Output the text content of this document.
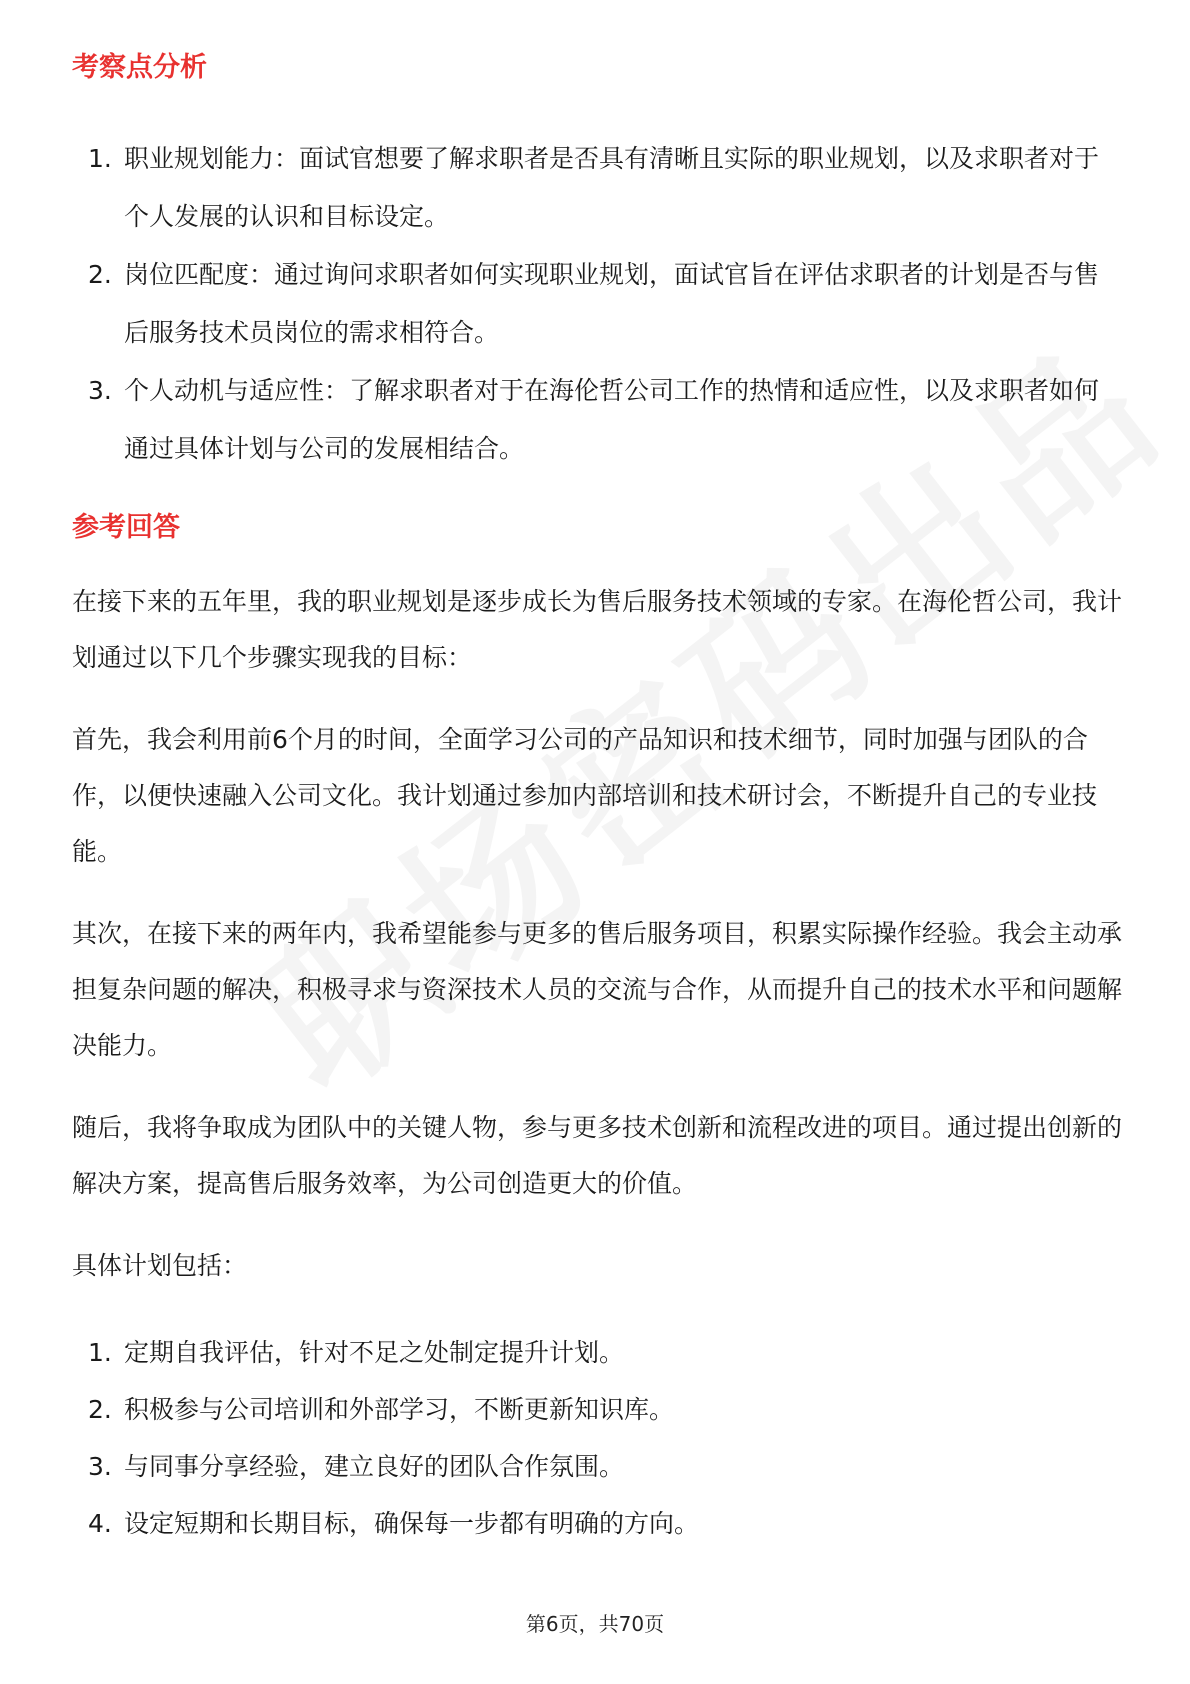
考察点分析
1. 职业规划能力：面试官想要了解求职者是否具有清晰且实际的职业规划，以及求职者对于个人发展的认识和目标设定。
2. 岗位匹配度：通过询问求职者如何实现职业规划，面试官旨在评估求职者的计划是否与售后服务技术员岗位的需求相符合。
3. 个人动机与适应性：了解求职者对于在海伦哲公司工作的热情和适应性，以及求职者如何通过具体计划与公司的发展相结合。
参考回答

在接下来的五年里，我的职业规划是逐步成长为售后服务技术领域的专家。在海伦哲公司，我计划通过以下几个步骤实现我的目标：

首先，我会利用前6个月的时间，全面学习公司的产品知识和技术细节，同时加强与团队的合作，以便快速融入公司文化。我计划通过参加内部培训和技术研讨会，不断提升自己的专业技能。

其次，在接下来的两年内，我希望能参与更多的售后服务项目，积累实际操作经验。我会主动承担复杂问题的解决，积极寻求与资深技术人员的交流与合作，从而提升自己的技术水平和问题解决能力。

随后，我将争取成为团队中的关键人物，参与更多技术创新和流程改进的项目。通过提出创新的解决方案，提高售后服务效率，为公司创造更大的价值。

具体计划包括：

1. 定期自我评估，针对不足之处制定提升计划。
2. 积极参与公司培训和外部学习，不断更新知识库。
3. 与同事分享经验，建立良好的团队合作氛围。
4. 设定短期和长期目标，确保每一步都有明确的方向。
第6页，共70页
